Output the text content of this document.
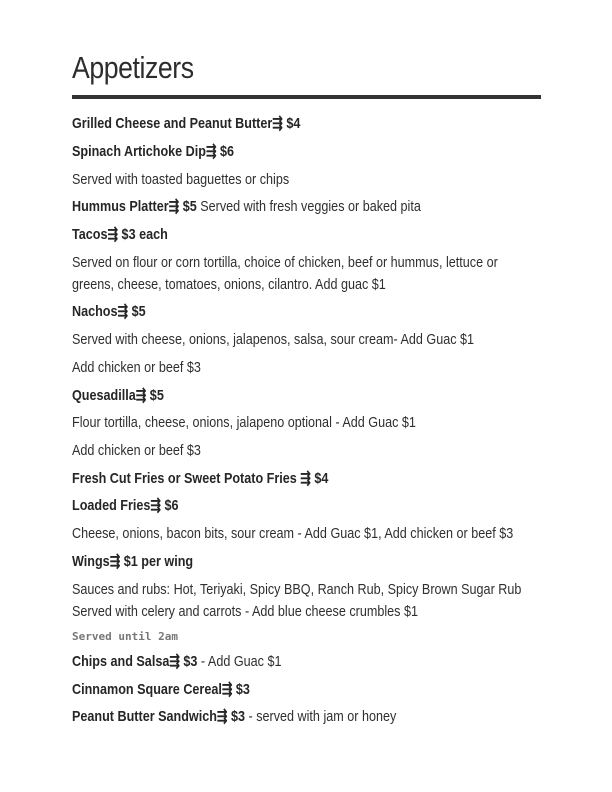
Appetizers
Grilled Cheese and Peanut Butter⇶ $4
Spinach Artichoke Dip⇶ $6
Served with toasted baguettes or chips
Hummus Platter⇶ $5 Served with fresh veggies or baked pita
Tacos⇶ $3 each
Served on flour or corn tortilla, choice of chicken, beef or hummus, lettuce or
greens, cheese, tomatoes, onions, cilantro. Add guac $1
Nachos⇶ $5
Served with cheese, onions, jalapenos, salsa, sour cream- Add Guac $1
Add chicken or beef $3
Quesadilla⇶ $5
Flour tortilla, cheese, onions, jalapeno optional - Add Guac $1
Add chicken or beef $3
Fresh Cut Fries or Sweet Potato Fries ⇶ $4
Loaded Fries⇶ $6
Cheese, onions, bacon bits, sour cream - Add Guac $1, Add chicken or beef $3
Wings⇶ $1 per wing
Sauces and rubs: Hot, Teriyaki, Spicy BBQ, Ranch Rub, Spicy Brown Sugar Rub
Served with celery and carrots - Add blue cheese crumbles $1
Served until 2am
Chips and Salsa⇶ $3 - Add Guac $1
Cinnamon Square Cereal⇶ $3
Peanut Butter Sandwich⇶ $3 - served with jam or honey
